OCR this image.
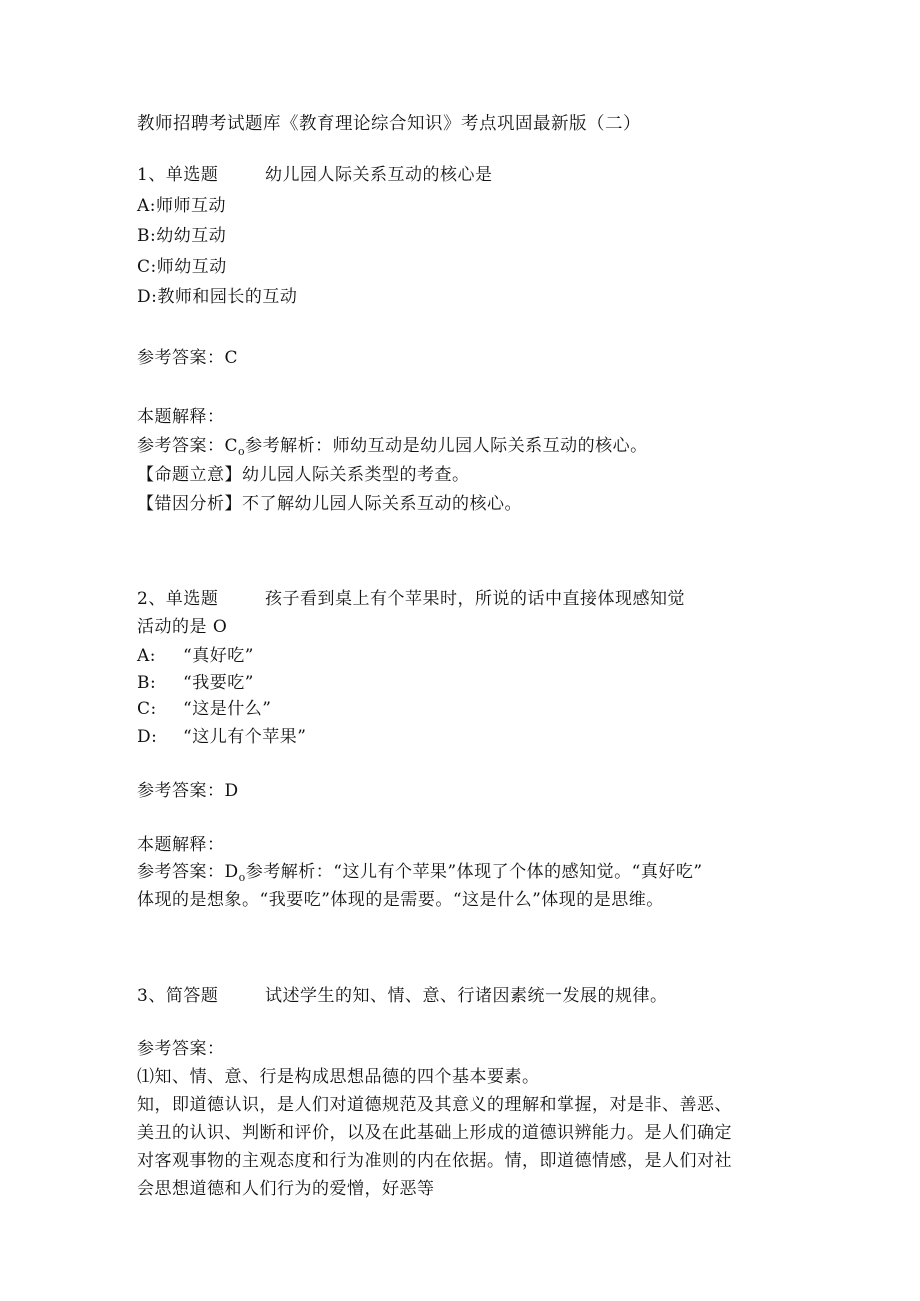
教师招聘考试题库《教育理论综合知识》考点巩固最新版（二）
1、单选题	幼儿园人际关系互动的核心是
A:师师互动
B:幼幼互动
C:师幼互动
D:教师和园长的互动
参考答案：C
本题解释：
参考答案：$C_o$参考解析：师幼互动是幼儿园人际关系互动的核心。
【命题立意】幼儿园人际关系类型的考查。
【错因分析】不了解幼儿园人际关系互动的核心。
2、单选题	孩子看到桌上有个苹果时，所说的话中直接体现感知觉
活动的是 O
A: “真好吃”
B: “我要吃”
C: “这是什么”
D: “这儿有个苹果”
参考答案：D
本题解释：
参考答案：$D_o$参考解析：“这儿有个苹果”体现了个体的感知觉。“真好吃”
体现的是想象。“我要吃”体现的是需要。“这是什么”体现的是思维。
3、简答题	试述学生的知、情、意、行诸因素统一发展的规律。
参考答案：
⑴知、情、意、行是构成思想品德的四个基本要素。
知，即道德认识，是人们对道德规范及其意义的理解和掌握，对是非、善恶、
美丑的认识、判断和评价，以及在此基础上形成的道德识辨能力。是人们确定
对客观事物的主观态度和行为准则的内在依据。情，即道德情感，是人们对社
会思想道德和人们行为的爱憎，好恶等
